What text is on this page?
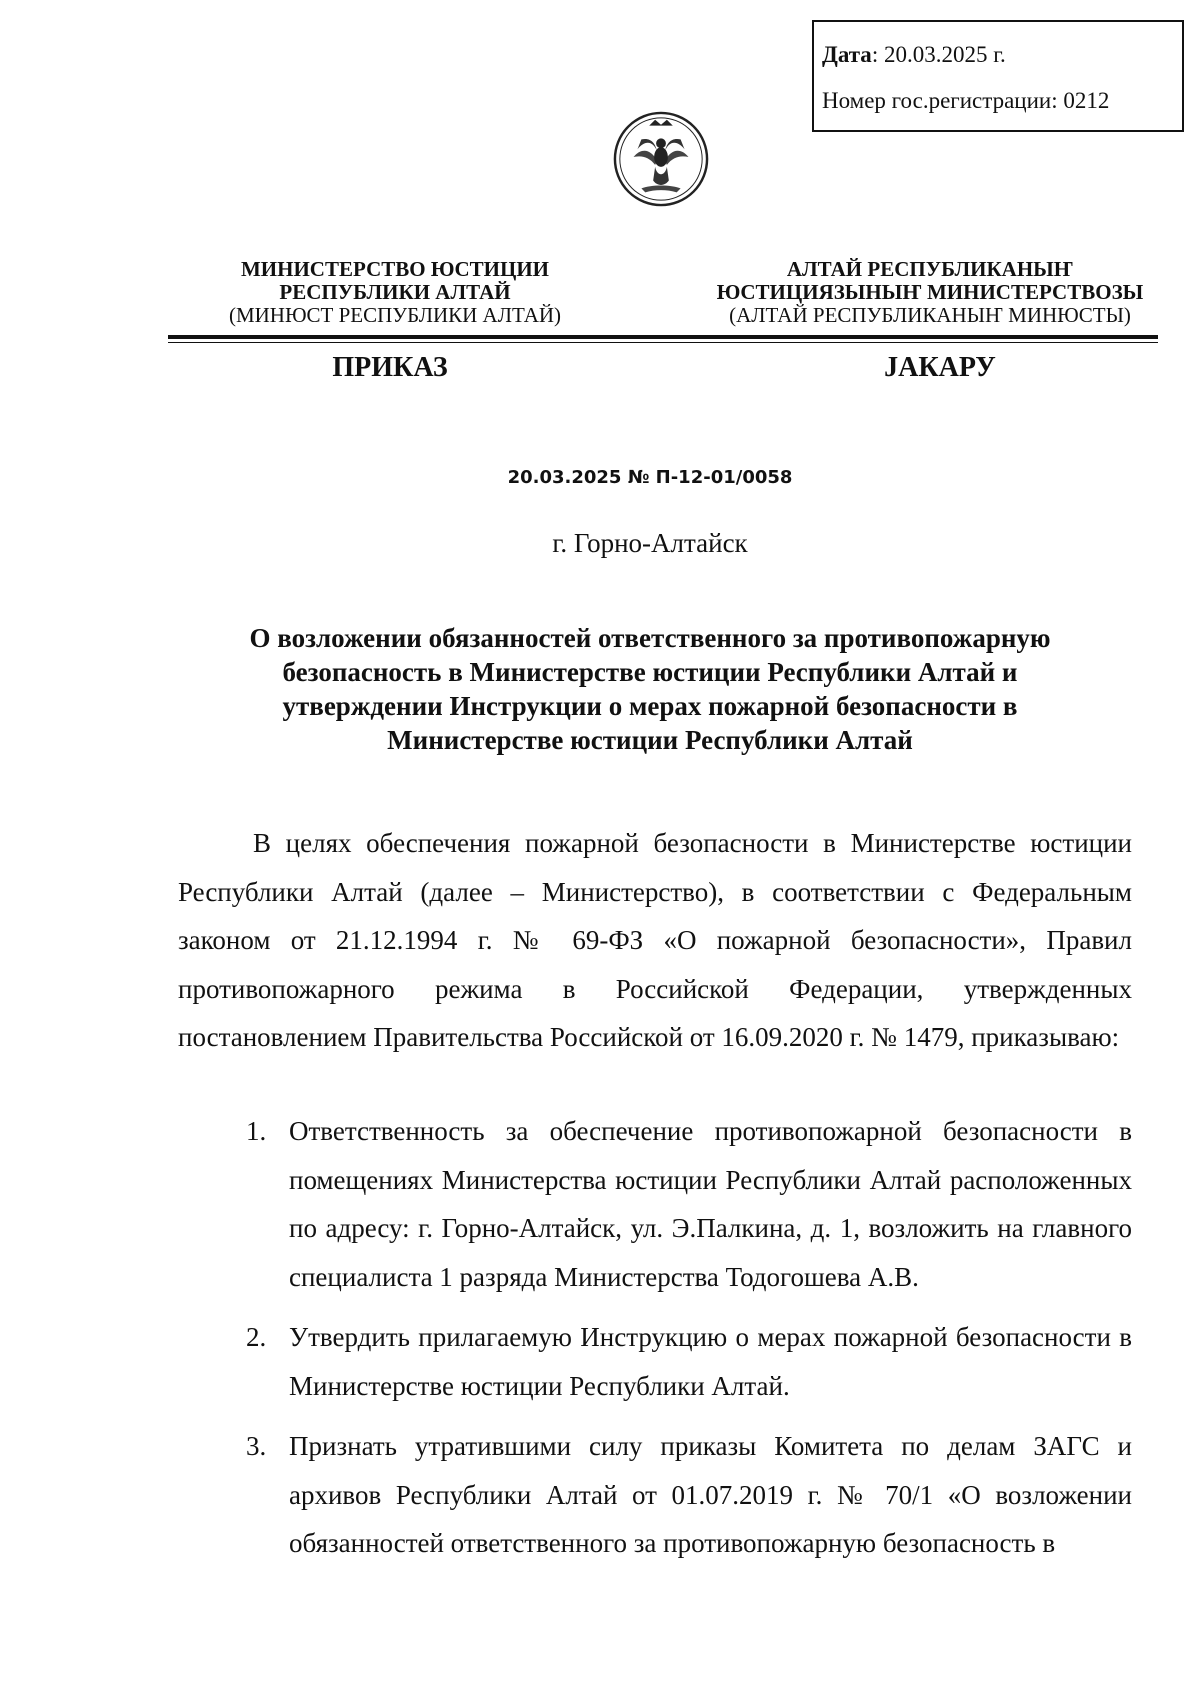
Дата: 20.03.2025 г.
Номер гос.регистрации: 0212
МИНИСТЕРСТВО ЮСТИЦИИ
РЕСПУБЛИКИ АЛТАЙ
(МИНЮСТ РЕСПУБЛИКИ АЛТАЙ)
АЛТАЙ РЕСПУБЛИКАНЫҤ
ЮСТИЦИЯЗЫНЫҤ МИНИСТЕРСТВОЗЫ
(АЛТАЙ РЕСПУБЛИКАНЫҤ МИНЮСТЫ)
ПРИКАЗ	ЈАКАРУ
20.03.2025 № П-12-01/0058
г. Горно-Алтайск
О возложении обязанностей ответственного за противопожарную
безопасность в Министерстве юстиции Республики Алтай и
утверждении Инструкции о мерах пожарной безопасности в
Министерстве юстиции Республики Алтай
В целях обеспечения пожарной безопасности в Министерстве юстиции Республики Алтай (далее – Министерство), в соответствии с Федеральным законом от 21.12.1994 г. № 69-ФЗ «О пожарной безопасности», Правил противопожарного режима в Российской Федерации, утвержденных постановлением Правительства Российской от 16.09.2020 г. № 1479, приказываю:
1. Ответственность за обеспечение противопожарной безопасности в помещениях Министерства юстиции Республики Алтай расположенных по адресу: г. Горно-Алтайск, ул. Э.Палкина, д. 1, возложить на главного специалиста 1 разряда Министерства Тодогошева А.В.
2. Утвердить прилагаемую Инструкцию о мерах пожарной безопасности в Министерстве юстиции Республики Алтай.
3. Признать утратившими силу приказы Комитета по делам ЗАГС и архивов Республики Алтай от 01.07.2019 г. № 70/1 «О возложении обязанностей ответственного за противопожарную безопасность в
